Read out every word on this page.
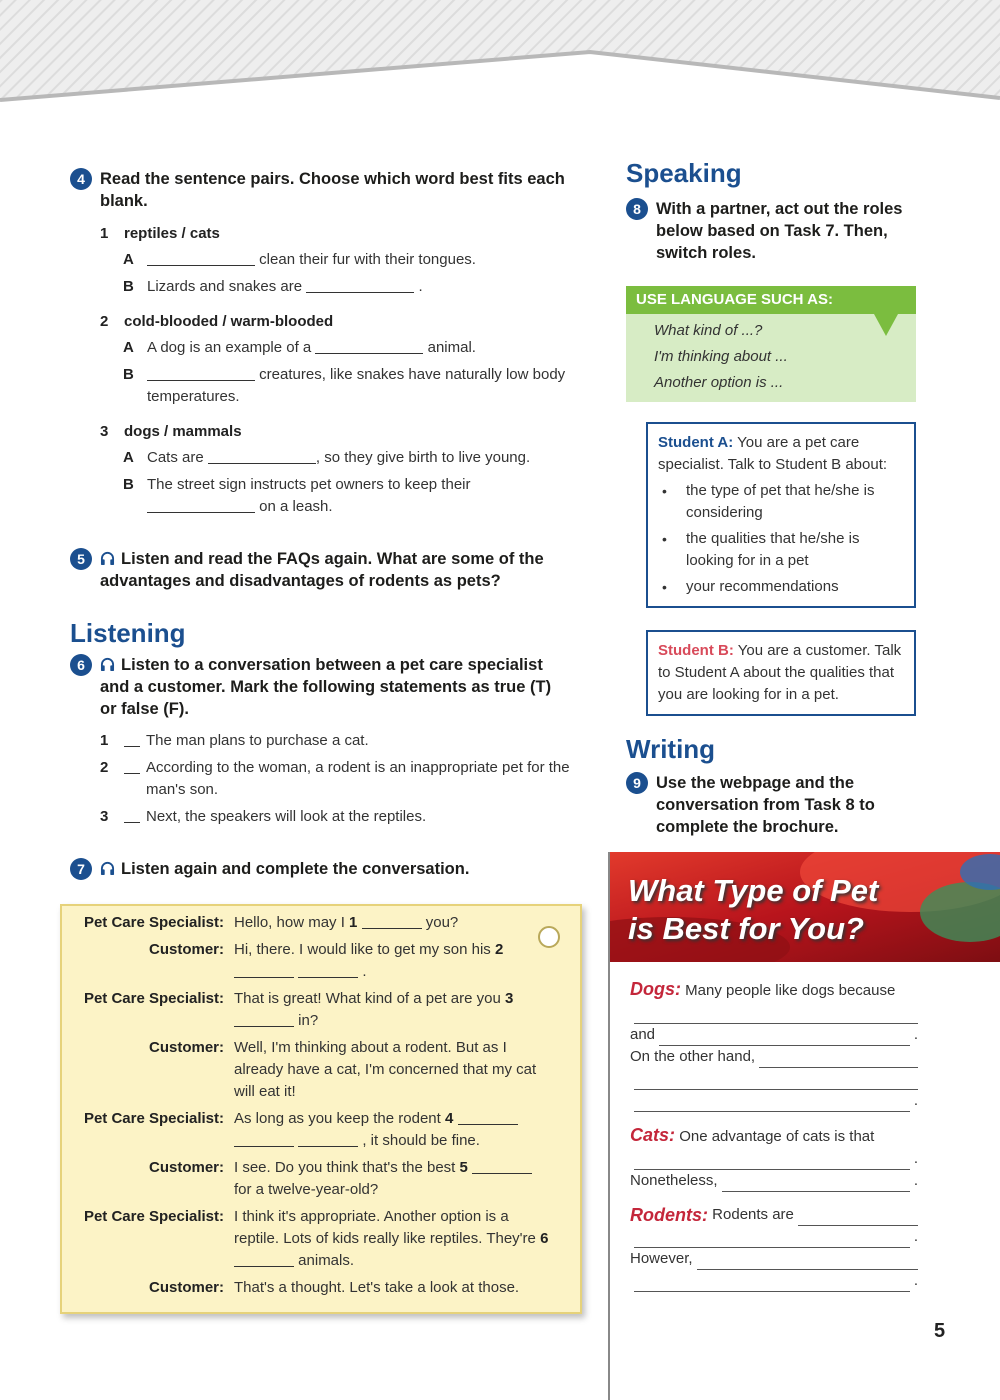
4 Read the sentence pairs. Choose which word best fits each blank.
1 reptiles / cats
A	clean their fur with their tongues.
B Lizards and snakes are	.
2 cold-blooded / warm-blooded
A A dog is an example of a	animal.
B	creatures, like snakes have naturally low body temperatures.
3 dogs / mammals
A Cats are	, so they give birth to live young.
B The street sign instructs pet owners to keep their  on a leash.
5	Listen and read the FAQs again. What are some of the advantages and disadvantages of rodents as pets?
Listening
6	Listen to a conversation between a pet care specialist and a customer. Mark the following statements as true (T) or false (F).
1	The man plans to purchase a cat.
2	According to the woman, a rodent is an inappropriate pet for the man's son.
3	Next, the speakers will look at the reptiles.
7	Listen again and complete the conversation.
Pet Care Specialist: Hello, how may I 1	you?
Customer: Hi, there. I would like to get my son his 2   .
Pet Care Specialist: That is great! What kind of a pet are you 3  in?
Customer: Well, I'm thinking about a rodent. But as I already have a cat, I'm concerned that my cat will eat it!
Pet Care Specialist: As long as you keep the rodent 4    , it should be fine.
Customer: I see. Do you think that's the best 5  for a twelve-year-old?
Pet Care Specialist: I think it's appropriate. Another option is a reptile. Lots of kids really like reptiles. They're 6  animals.
Customer: That's a thought. Let's take a look at those.
Speaking
8 With a partner, act out the roles below based on Task 7. Then, switch roles.
USE LANGUAGE SUCH AS:
What kind of ...?
I'm thinking about ...
Another option is ...
Student A: You are a pet care specialist. Talk to Student B about:
•	the type of pet that he/she is considering
•	the qualities that he/she is looking for in a pet
•	your recommendations
Student B: You are a customer. Talk to Student A about the qualities that you are looking for in a pet.
Writing
9 Use the webpage and the conversation from Task 8 to complete the brochure.
What Type of Pet
is Best for You?
Dogs: Many people like dogs because
and	.
On the other hand,
.
Cats: One advantage of cats is that
.
Nonetheless,	.
Rodents:
Rodents are
.
However,
.
5
